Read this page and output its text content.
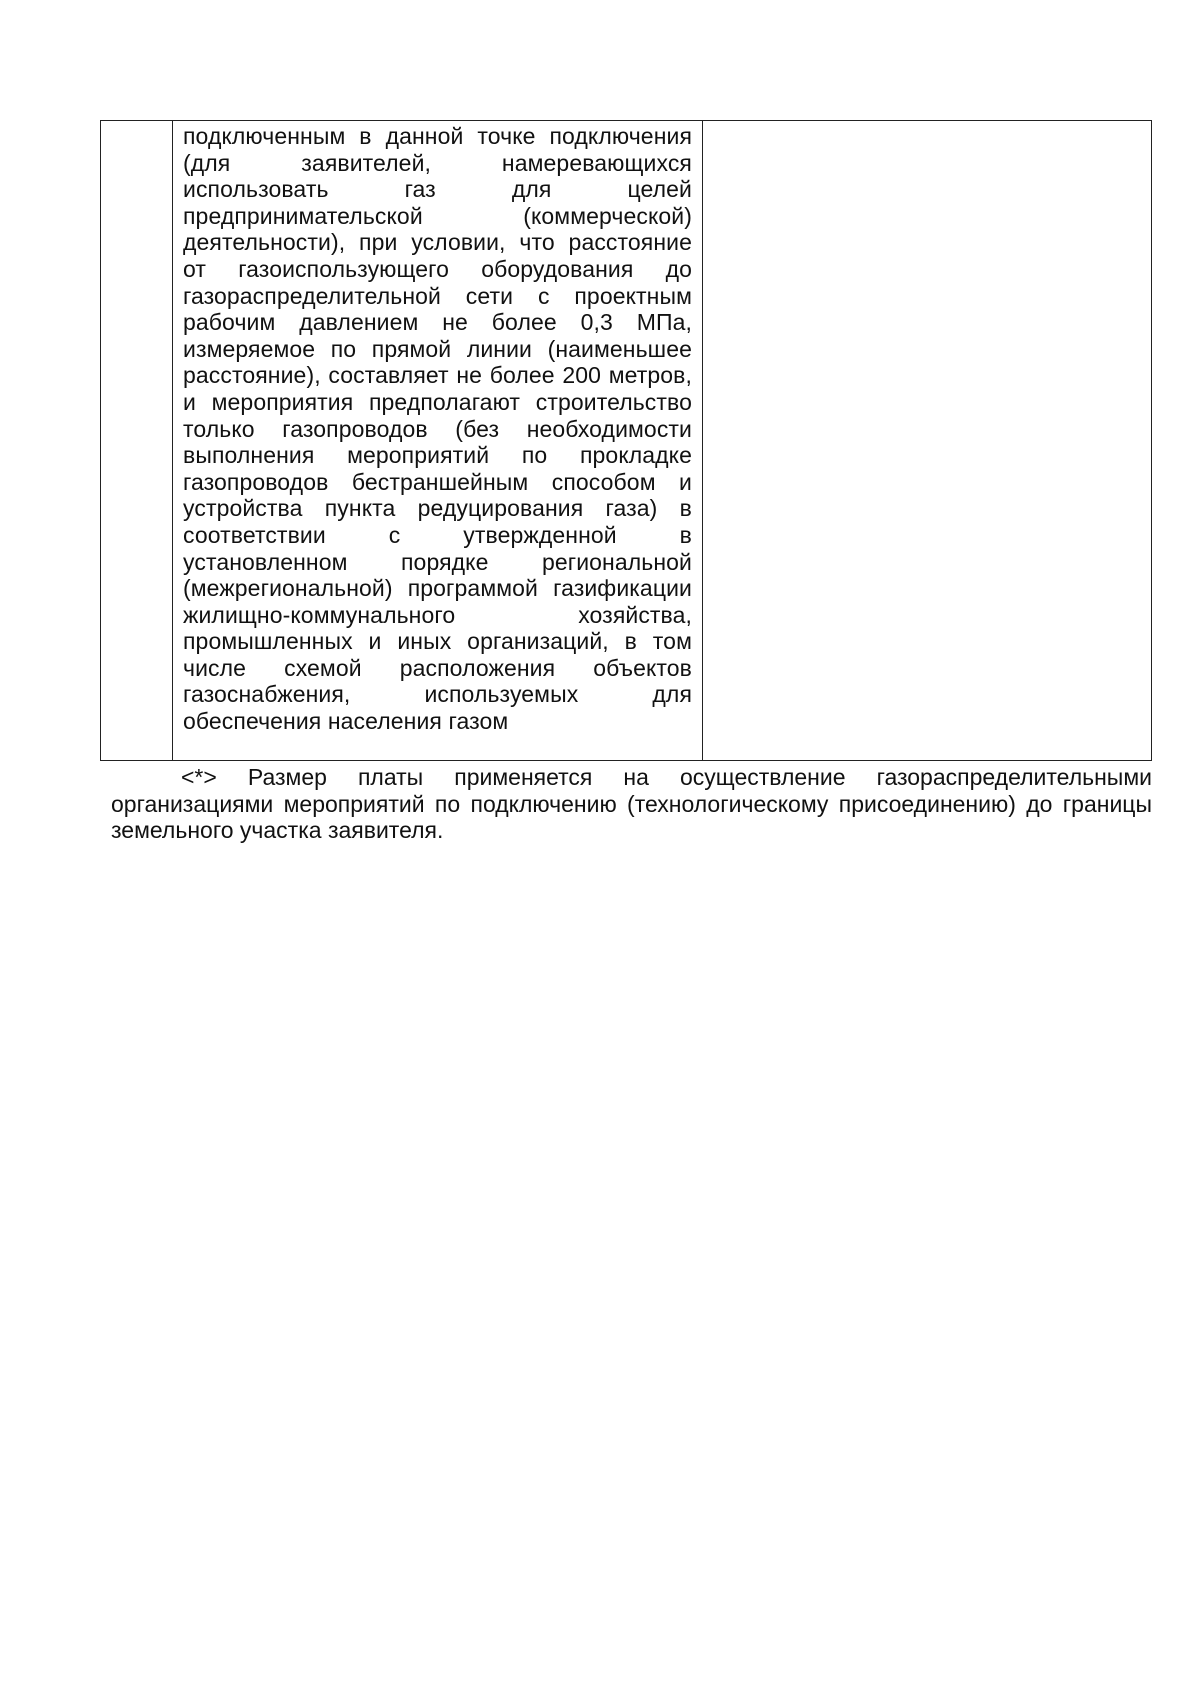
подключенным в данной точке подключения (для заявителей, намеревающихся использовать газ для целей предпринимательской (коммерческой) деятельности), при условии, что расстояние от газоиспользующего оборудования до газораспределительной сети с проектным рабочим давлением не более 0,3 МПа, измеряемое по прямой линии (наименьшее расстояние), составляет не более 200 метров, и мероприятия предполагают строительство только газопроводов (без необходимости выполнения мероприятий по прокладке газопроводов бестраншейным способом и устройства пункта редуцирования газа) в соответствии с утвержденной в установленном порядке региональной (межрегиональной) программой газификации жилищно-коммунального хозяйства, промышленных и иных организаций, в том числе схемой расположения объектов газоснабжения, используемых для обеспечения населения газом

<*> Размер платы применяется на осуществление газораспределительными организациями мероприятий по подключению (технологическому присоединению) до границы земельного участка заявителя.
